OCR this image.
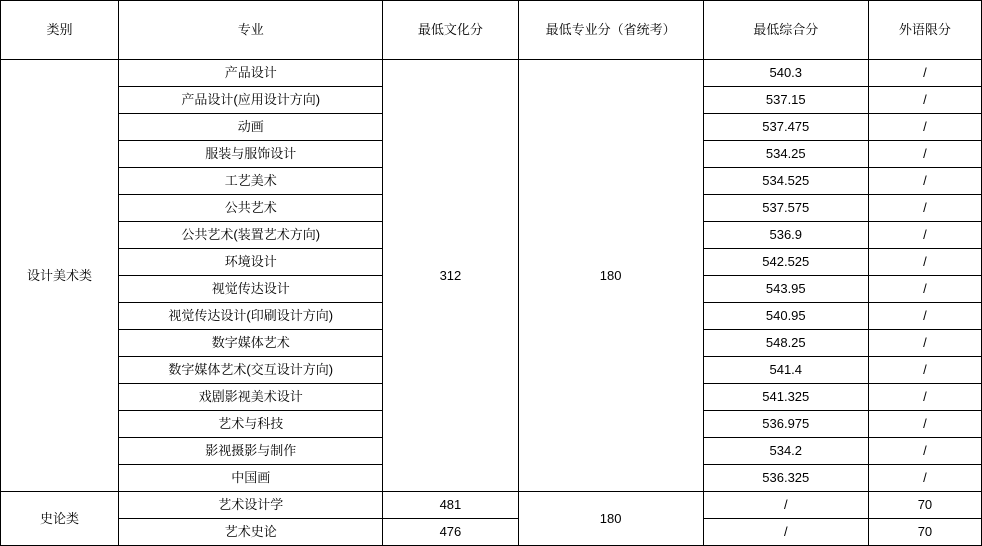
类别	专业	最低文化分	最低专业分（省统考）	最低综合分	外语限分
设计美术类	产品设计	312	180	540.3	/
	产品设计(应用设计方向)			537.15	/
	动画			537.475	/
	服装与服饰设计			534.25	/
	工艺美术			534.525	/
	公共艺术			537.575	/
	公共艺术(装置艺术方向)			536.9	/
	环境设计			542.525	/
	视觉传达设计			543.95	/
	视觉传达设计(印刷设计方向)			540.95	/
	数字媒体艺术			548.25	/
	数字媒体艺术(交互设计方向)			541.4	/
	戏剧影视美术设计			541.325	/
	艺术与科技			536.975	/
	影视摄影与制作			534.2	/
	中国画			536.325	/
史论类	艺术设计学	481	180	/	70
	艺术史论	476		/	70
